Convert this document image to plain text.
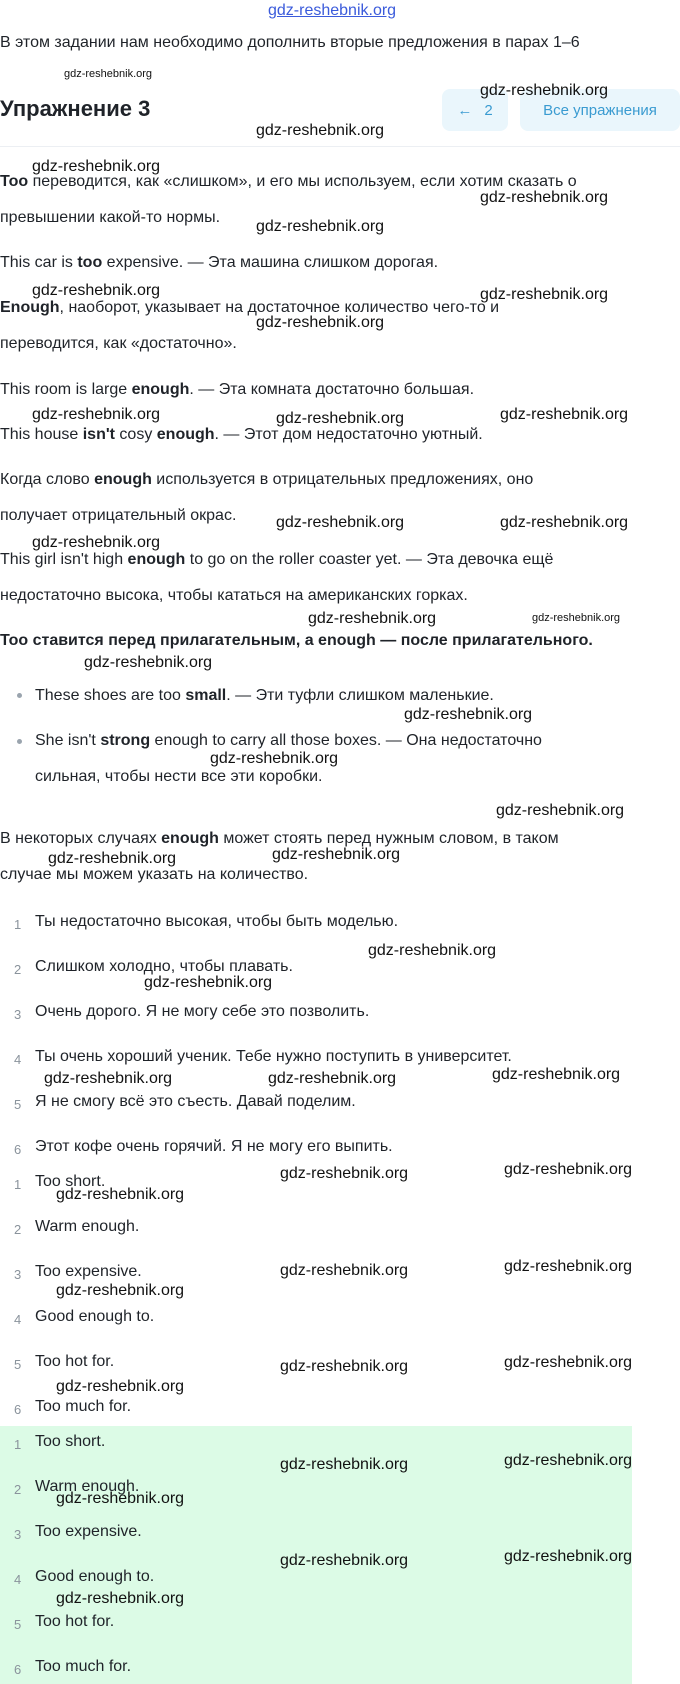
gdz-reshebnik.org
В этом задании нам необходимо дополнить вторые предложения в парах 1–6
gdz-reshebnik.org
Упражнение 3	← 2	Все упражнения
gdz-reshebnik.org
gdz-reshebnik.org
Too переводится, как «слишком», и его мы используем, если хотим сказать о
превышении какой-то нормы.
gdz-reshebnik.org
gdz-reshebnik.org
gdz-reshebnik.org
This car is too expensive. — Эта машина слишком дорогая.
Enough, наоборот, указывает на достаточное количество чего-то и
переводится, как «достаточно».
gdz-reshebnik.org	gdz-reshebnik.org
gdz-reshebnik.org
This room is large enough. — Эта комната достаточно большая.
This house isn't cosy enough. — Этот дом недостаточно уютный.
gdz-reshebnik.org	gdz-reshebnik.org	gdz-reshebnik.org
Когда слово enough используется в отрицательных предложениях, оно
получает отрицательный окрас.	gdz-reshebnik.org	gdz-reshebnik.org
gdz-reshebnik.org
This girl isn't high enough to go on the roller coaster yet. — Эта девочка ещё
недостаточно высока, чтобы кататься на американских горках.
gdz-reshebnik.org	gdz-reshebnik.org
Too ставится перед прилагательным, а enough — после прилагательного.
gdz-reshebnik.org
These shoes are too small. — Эти туфли слишком маленькие.
gdz-reshebnik.org
She isn't strong enough to carry all those boxes. — Она недостаточно
gdz-reshebnik.org
сильная, чтобы нести все эти коробки.
gdz-reshebnik.org
В некоторых случаях enough может стоять перед нужным словом, в таком
gdz-reshebnik.org	gdz-reshebnik.org
случае мы можем указать на количество.
1 Ты недостаточно высокая, чтобы быть моделью.
2 Слишком холодно, чтобы плавать.
3 Очень дорого. Я не могу себе это позволить.
4 Ты очень хороший ученик. Тебе нужно поступить в университет.
5 Я не смогу всё это съесть. Давай поделим.
6 Этот кофе очень горячий. Я не могу его выпить.
1 Too short.
2 Warm enough.
3 Too expensive.
4 Good enough to.
5 Too hot for.
6 Too much for.
1 Too short.
2 Warm enough.
3 Too expensive.
4 Good enough to.
5 Too hot for.
6 Too much for.
gdz-reshebnik.org
gdz-reshebnik.org
gdz-reshebnik.org	gdz-reshebnik.org	gdz-reshebnik.org
gdz-reshebnik.org	gdz-reshebnik.org
gdz-reshebnik.org
gdz-reshebnik.org	gdz-reshebnik.org
gdz-reshebnik.org
gdz-reshebnik.org	gdz-reshebnik.org
gdz-reshebnik.org
gdz-reshebnik.org	gdz-reshebnik.org
gdz-reshebnik.org
gdz-reshebnik.org	gdz-reshebnik.org
gdz-reshebnik.org
